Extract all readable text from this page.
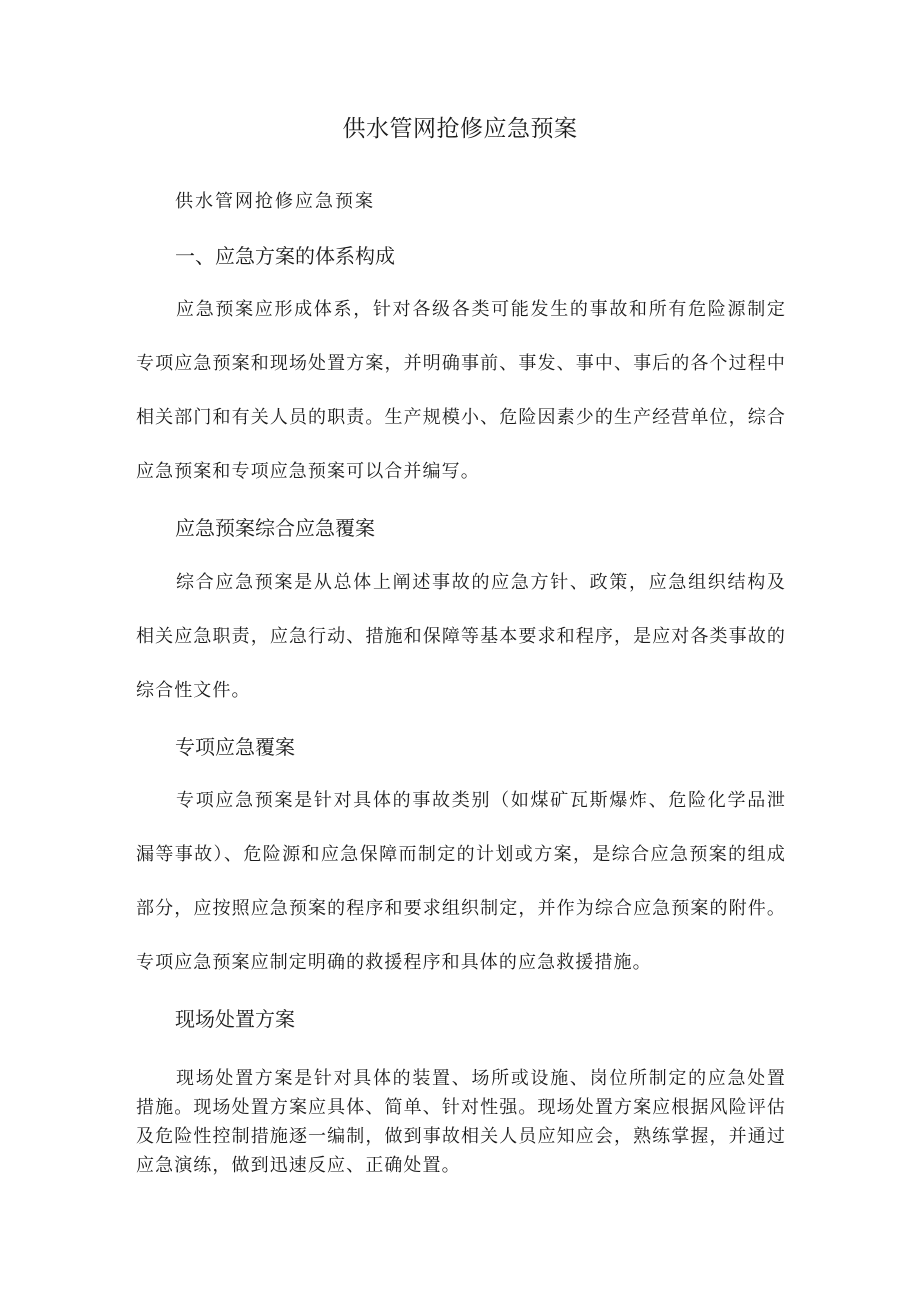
供水管网抢修应急预案

供水管网抢修应急预案

一、应急方案的体系构成

应急预案应形成体系，针对各级各类可能发生的事故和所有危险源制定专项应急预案和现场处置方案，并明确事前、事发、事中、事后的各个过程中相关部门和有关人员的职责。生产规模小、危险因素少的生产经营单位，综合应急预案和专项应急预案可以合并编写。

应急预案综合应急覆案

综合应急预案是从总体上阐述事故的应急方针、政策，应急组织结构及相关应急职责，应急行动、措施和保障等基本要求和程序，是应对各类事故的综合性文件。

专项应急覆案

专项应急预案是针对具体的事故类别（如煤矿瓦斯爆炸、危险化学品泄漏等事故）、危险源和应急保障而制定的计划或方案，是综合应急预案的组成部分，应按照应急预案的程序和要求组织制定，并作为综合应急预案的附件。专项应急预案应制定明确的救援程序和具体的应急救援措施。

现场处置方案

现场处置方案是针对具体的装置、场所或设施、岗位所制定的应急处置措施。现场处置方案应具体、简单、针对性强。现场处置方案应根据风险评估及危险性控制措施逐一编制，做到事故相关人员应知应会，熟练掌握，并通过应急演练，做到迅速反应、正确处置。
